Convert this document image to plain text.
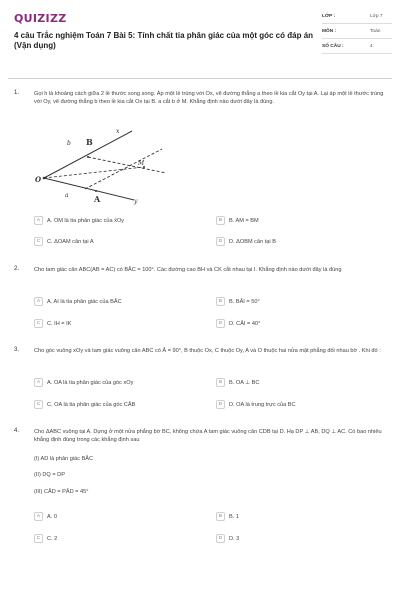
QUIZIZZ
4 câu Trắc nghiệm Toán 7 Bài 5: Tính chất tia phân giác của một góc có đáp án (Vận dụng)
LỚP :	Lớp 7
MÔN :	Toán
SỐ CÂU :	4
1.	Gọi h là khoảng cách giữa 2 lề thước song song. Áp một lề trùng với Ox, vẽ đường thẳng a theo lề kia cắt Oy tại A. Lại áp một lề thước trùng với Oy, vẽ đường thẳng b theo lề kia cắt Ox tại B. a cắt b ở M. Khẳng định nào dưới đây là đúng.
b B
x
M
O
a	A	y
A	A. OM là tia phân giác của x̂Oy	B	B. AM = BM
C	C. ΔOAM cân tại A	D	D. ΔOBM cân tại B
2.	Cho tam giác cân ABC(AB = AC) có BÂC = 100°. Các đường cao BH và CK cắt nhau tại I. Khẳng định nào dưới đây là đúng
A	A. AI là tia phân giác của BÂC	B	B. BÂI = 50°
C	C. IH = IK	D	D. CÂI = 40°
3.	Cho góc vuông xOy và tam giác vuông cân ABC có Â = 90°, B thuộc Ox, C thuộc Oy, A và O thuộc hai nửa mặt phẳng đối nhau bờ . Khi đó :
A	A. OA là tia phân giác của góc xOy	B	B. OA ⊥ BC
C	C. OA là tia phân giác của góc CÂB	D	D. OA là trung trực của BC
4.	Cho ΔABC vuông tại A. Dựng ở một nửa phẳng bờ BC, không chứa A tam giác vuông cân CDB tại D. Hạ DP ⊥ AB, DQ ⊥ AC. Có bao nhiêu khẳng định đúng trong các khẳng định sau
(I) AD là phân giác BÂC
(II) DQ = DP
(III) CÂD = PÂD = 45°
A	A. 0	B	B. 1
C	C. 2	D	D. 3
